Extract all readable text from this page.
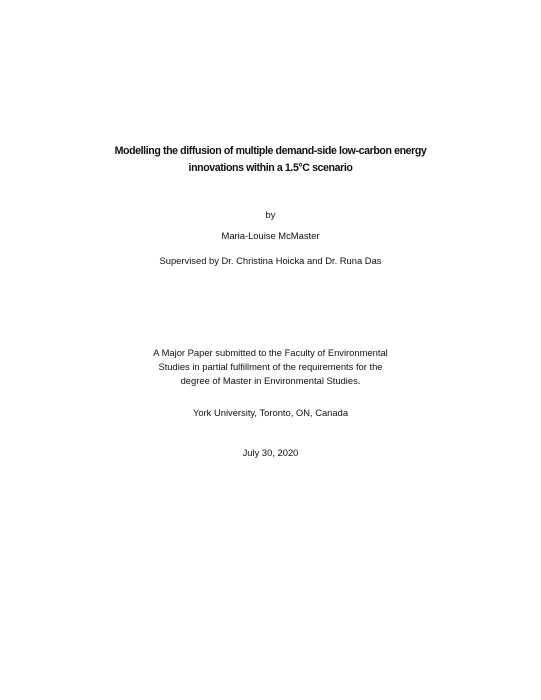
Modelling the diffusion of multiple demand-side low-carbon energy
innovations within a 1.5°C scenario
by
Maria-Louise McMaster
Supervised by Dr. Christina Hoicka and Dr. Runa Das
A Major Paper submitted to the Faculty of Environmental
Studies in partial fulfillment of the requirements for the
degree of Master in Environmental Studies.
York University, Toronto, ON, Canada
July 30, 2020
